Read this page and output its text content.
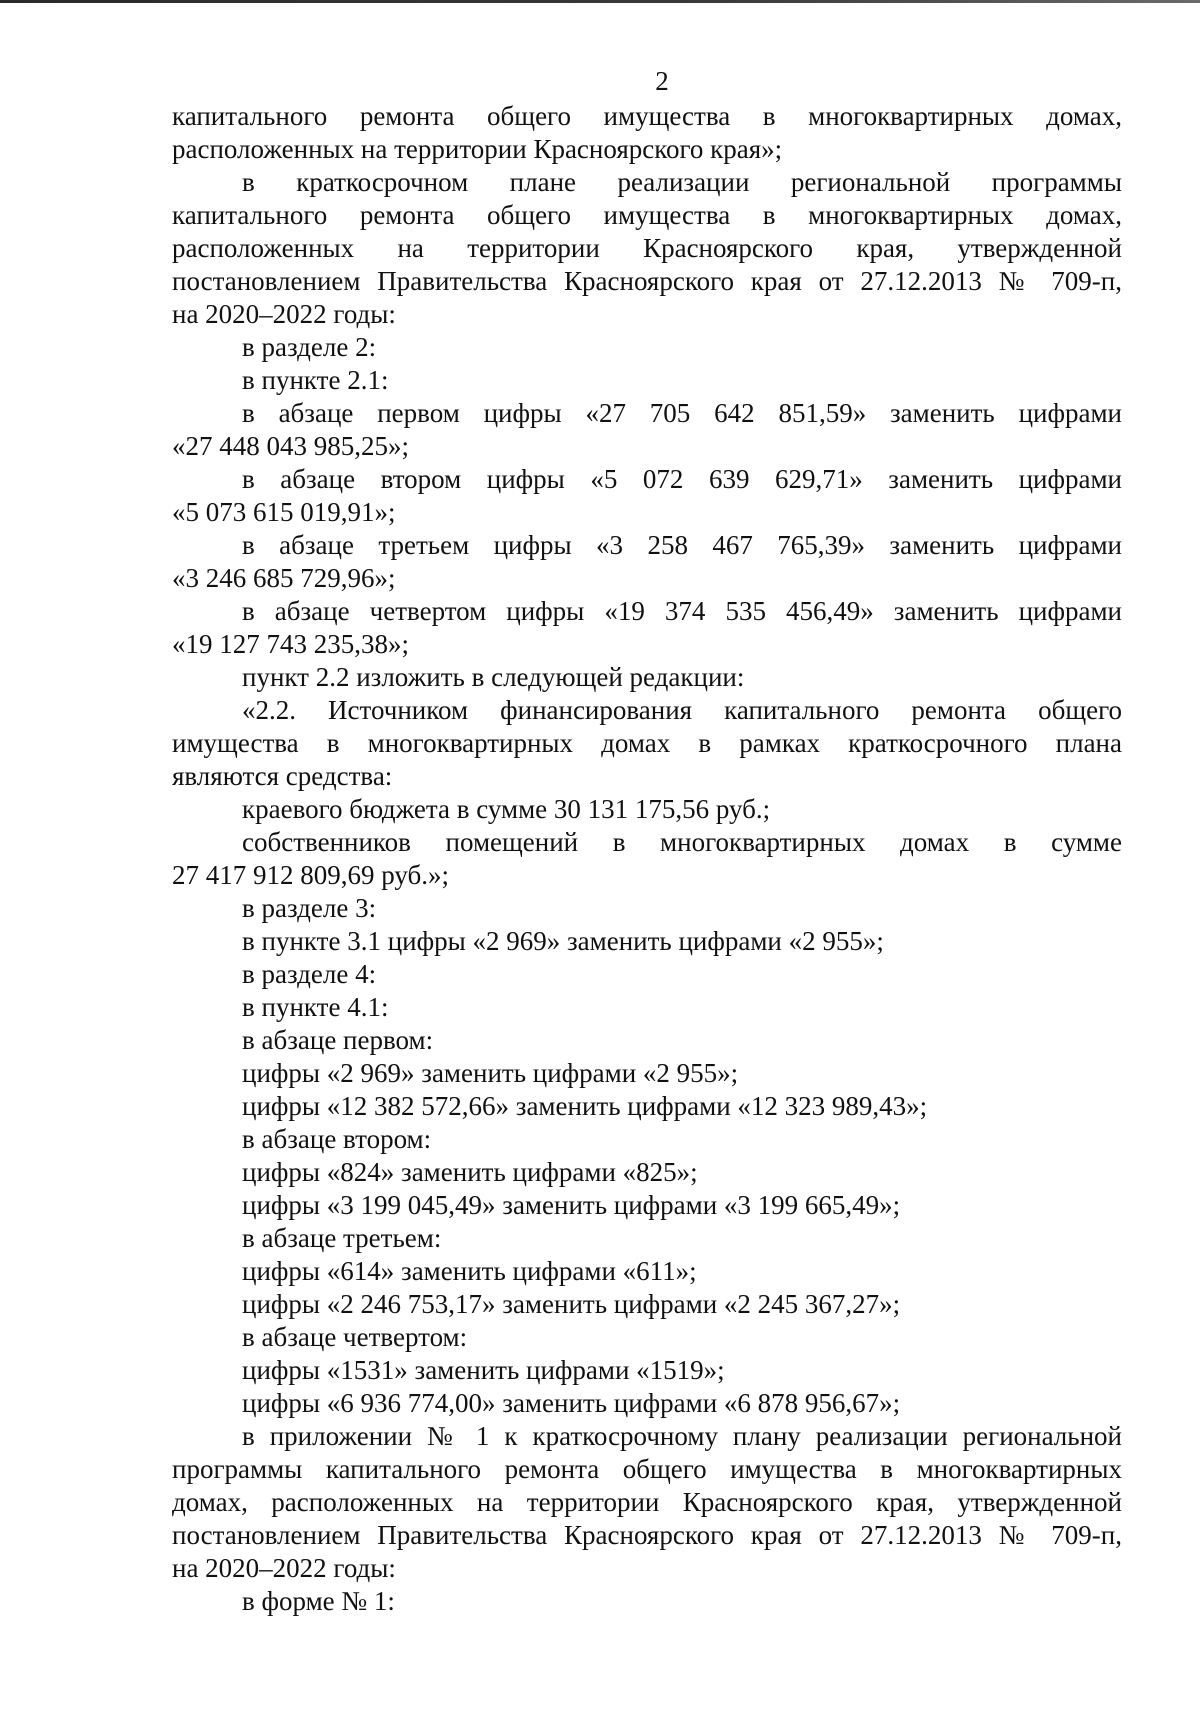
2
капитального ремонта общего имущества в многоквартирных домах,
расположенных на территории Красноярского края»;
в краткосрочном плане реализации региональной программы
капитального ремонта общего имущества в многоквартирных домах,
расположенных на территории Красноярского края, утвержденной
постановлением Правительства Красноярского края от 27.12.2013 № 709-п,
на 2020–2022 годы:
в разделе 2:
в пункте 2.1:
в абзаце первом цифры «27 705 642 851,59» заменить цифрами
«27 448 043 985,25»;
в абзаце втором цифры «5 072 639 629,71» заменить цифрами
«5 073 615 019,91»;
в абзаце третьем цифры «3 258 467 765,39» заменить цифрами
«3 246 685 729,96»;
в абзаце четвертом цифры «19 374 535 456,49» заменить цифрами
«19 127 743 235,38»;
пункт 2.2 изложить в следующей редакции:
«2.2. Источником финансирования капитального ремонта общего
имущества в многоквартирных домах в рамках краткосрочного плана
являются средства:
краевого бюджета в сумме 30 131 175,56 руб.;
собственников помещений в многоквартирных домах в сумме
27 417 912 809,69 руб.»;
в разделе 3:
в пункте 3.1 цифры «2 969» заменить цифрами «2 955»;
в разделе 4:
в пункте 4.1:
в абзаце первом:
цифры «2 969» заменить цифрами «2 955»;
цифры «12 382 572,66» заменить цифрами «12 323 989,43»;
в абзаце втором:
цифры «824» заменить цифрами «825»;
цифры «3 199 045,49» заменить цифрами «3 199 665,49»;
в абзаце третьем:
цифры «614» заменить цифрами «611»;
цифры «2 246 753,17» заменить цифрами «2 245 367,27»;
в абзаце четвертом:
цифры «1531» заменить цифрами «1519»;
цифры «6 936 774,00» заменить цифрами «6 878 956,67»;
в приложении № 1 к краткосрочному плану реализации региональной
программы капитального ремонта общего имущества в многоквартирных
домах, расположенных на территории Красноярского края, утвержденной
постановлением Правительства Красноярского края от 27.12.2013 № 709-п,
на 2020–2022 годы:
в форме № 1:
